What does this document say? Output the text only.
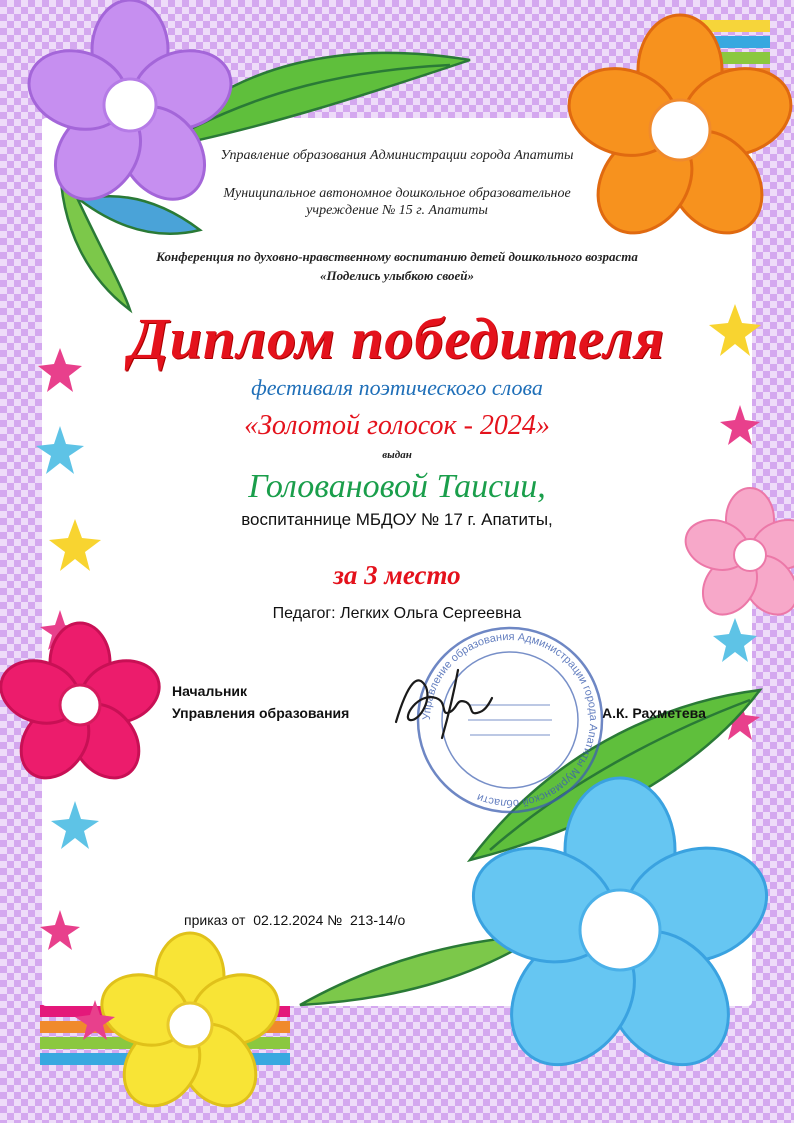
Управление образования Администрации города Апатиты

Муниципальное автономное дошкольное образовательное

учреждение № 15 г. Апатиты

Конференция по духовно-нравственному воспитанию детей дошкольного возраста

«Поделись улыбкою своей»

Диплом победителя

фестиваля поэтического слова

«Золотой голосок - 2024»

выдан

Головановой Таисии,

воспитаннице МБДОУ № 17 г. Апатиты,

за 3 место

Педагог: Легких Ольга Сергеевна

Начальник
Управления образования	А.К. Рахметева
Управление образования Администрации города Апатиты Мурманской области
приказ от  02.12.2024 №  213-14/о
